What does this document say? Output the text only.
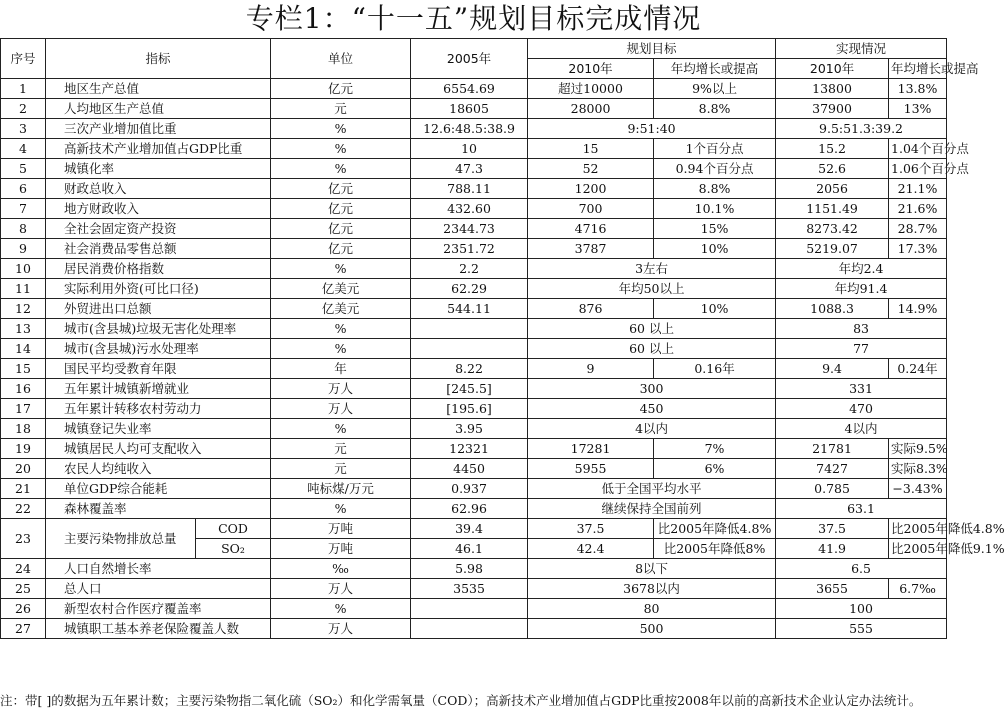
专栏1：“十一五”规划目标完成情况
序号	指标		单位	2005年	规划目标		实现情况	
					2010年	年均增长或提高	2010年	年均增长或提高
1	地区生产总值		亿元	6554.69	超过10000	9%以上	13800	13.8%
2	人均地区生产总值		元	18605	28000	8.8%	37900	13%
3	三次产业增加值比重		%	12.6:48.5:38.9	9:51:40		9.5:51.3:39.2	
4	高新技术产业增加值占GDP比重		%	10	15	1个百分点	15.2	1.04个百分点
5	城镇化率		%	47.3	52	0.94个百分点	52.6	1.06个百分点
6	财政总收入		亿元	788.11	1200	8.8%	2056	21.1%
7	地方财政收入		亿元	432.60	700	10.1%	1151.49	21.6%
8	全社会固定资产投资		亿元	2344.73	4716	15%	8273.42	28.7%
9	社会消费品零售总额		亿元	2351.72	3787	10%	5219.07	17.3%
10	居民消费价格指数		%	2.2	3左右		年均2.4	
11	实际利用外资(可比口径)		亿美元	62.29	年均50以上		年均91.4	
12	外贸进出口总额		亿美元	544.11	876	10%	1088.3	14.9%
13	城市(含县城)垃圾无害化处理率		%		60 以上		83	
14	城市(含县城)污水处理率		%		60 以上		77	
15	国民平均受教育年限		年	8.22	9	0.16年	9.4	0.24年
16	五年累计城镇新增就业		万人	[245.5]	300		331	
17	五年累计转移农村劳动力		万人	[195.6]	450		470	
18	城镇登记失业率		%	3.95	4以内		4以内	
19	城镇居民人均可支配收入		元	12321	17281	7%	21781	实际9.5%
20	农民人均纯收入		元	4450	5955	6%	7427	实际8.3%
21	单位GDP综合能耗		吨标煤/万元	0.937	低于全国平均水平		0.785	−3.43%
22	森林覆盖率		%	62.96	继续保持全国前列		63.1	
23	主要污染物排放总量	COD	万吨	39.4	37.5	比2005年降低4.8%	37.5	比2005年降低4.8%
		SO₂	万吨	46.1	42.4	比2005年降低8%	41.9	比2005年降低9.1%
24	人口自然增长率		‰	5.98	8以下		6.5	
25	总人口		万人	3535	3678以内		3655	6.7‰
26	新型农村合作医疗覆盖率		%		80		100	
27	城镇职工基本养老保险覆盖人数		万人		500		555	
注：带[ ]的数据为五年累计数；主要污染物指二氧化硫（SO₂）和化学需氧量（COD）；高新技术产业增加值占GDP比重按2008年以前的高新技术企业认定办法统计。
